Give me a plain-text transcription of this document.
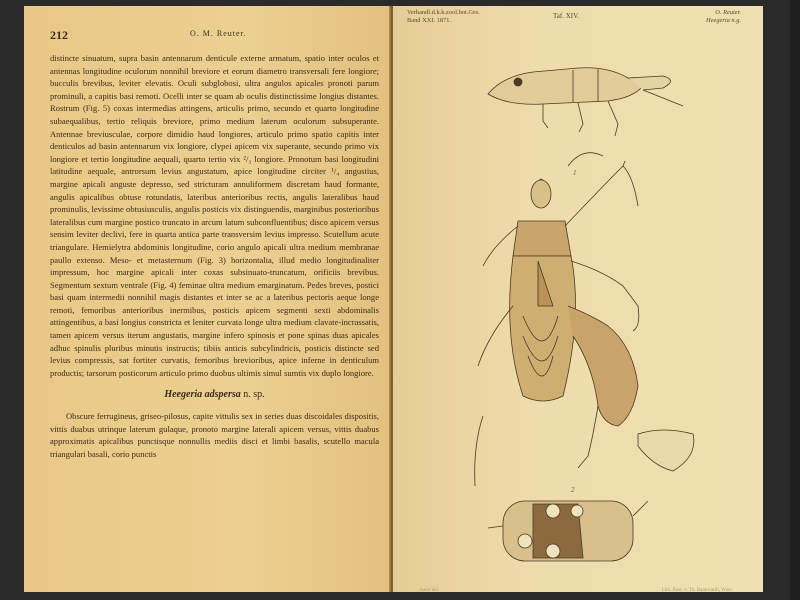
212	O. M. Reuter.

distincte sinuatum, supra basin antennarum denticule externe armatum, spatio inter oculos et antennas longitudine oculorum nonnihil breviore et eorum diametro transversali fere longiore; bucculis brevibus, leviter elevatis. Oculi subglobosi, ultra angulos apicales pronoti parum prominuli, a capitis basi remoti. Ocelli inter se quam ab oculis distinctissime longius distantes. Rostrum (Fig. 5) coxas intermedias attingens, articulis primo, secundo et quarto longitudine subaequalibus, tertio reliquis breviore, primo medium laterum oculorum subsuperante. Antennae breviusculae, corpore dimidio haud longiores, articulo primo spatio capitis inter denticulos ad basin antennarum vix longiore, clypei apicem vix superante, secundo primo vix longiore et tertio longitudine aequali, quarto tertio vix ²/₃ longiore. Pronotum basi longitudini latitudine aequale, antrorsum levius angustatum, apice longitudine circiter ¹/₄ angustius, margine apicali anguste depresso, sed stricturam annuliformem discretam haud formante, angulis apicalibus obtuse rotundatis, lateribus anterioribus rectis, angulis lateralibus haud prominulis, levissime obtusiusculis, angulis posticis vix distinguendis, marginibus posterioribus lateralibus cum margine postico truncato in arcum latum subconfluentibus; disco apicem versus sensim leviter declivi, fere in quarta antica parte transversim levius impresso. Scutellum acute triangulare. Hemielytra abdominis longitudine, corio angulo apicali ultra medium membranae paullo extenso. Meso- et metasternum (Fig. 3) horizontalia, illud medio longitudinaliter impressum, hoc margine apicali inter coxas subsinuato-truncatum, orificiis brevibus. Segmentum sextum ventrale (Fig. 4) feminae ultra medium emarginatum. Pedes breves, postici basi quam intermedii nonnihil magis distantes et inter se ac a lateribus pectoris aeque longe remoti, femoribus anterioribus inermibus, posticis apicem segmenti sexti abdominalis attingentibus, a basi longius constricta et leniter curvata longe ultra medium clavate-incrassatis, tamen apicem versus iterum angustatis, margine infero spinosis et pone spinas duas apicales adhuc spinulis pluribus minutis instructis; tibiis anticis subcylindricis, posticis distincte sed levius compressis, sat fortiter curvatis, femoribus brevioribus, apice inferne in denticulum productis; tarsorum posticorum articulo primo duobus ultimis simul sumtis vix duplo longiore.

Heegeria adspersa n. sp.

Obscure ferrugineus, griseo-pilosus, capite vittulis sex in series duas discoidales dispositis, vittis duabus utrinque laterum gulaque, pronoto margine laterali apicem versus, vittis duabus approximatis apicalibus punctisque nonnullis mediis disci et limbi basalis, scutello macula triangulari basali, corio punctis

Verhandl.d.k.k.zool.bot.Ges.
Band XXI. 1871.
Taf. XIV.	O. Reuter.
Heegeria n.g.
1
2
Autor del.	Lith. Anst. v. Th. Bannwarth, Wien.
